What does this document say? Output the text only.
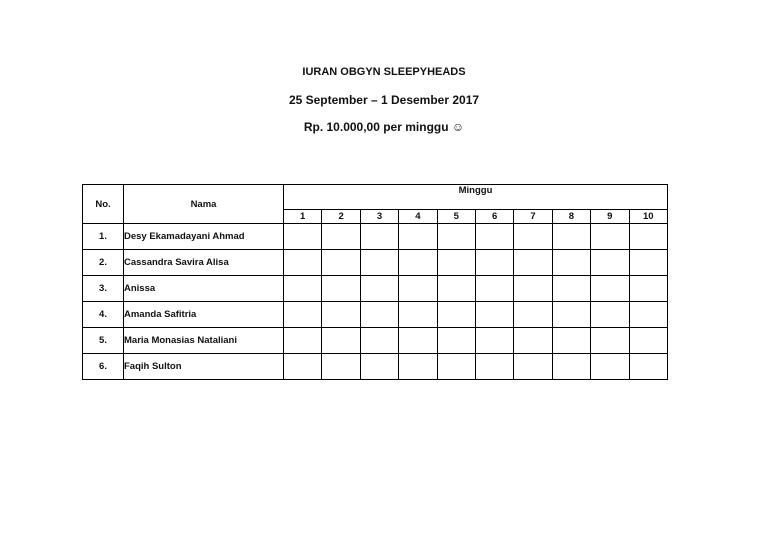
IURAN OBGYN SLEEPYHEADS
25 September – 1 Desember 2017
Rp. 10.000,00 per minggu ☺
No.	Nama	Minggu									
		1	2	3	4	5	6	7	8	9	10
1.	Desy Ekamadayani Ahmad										
2.	Cassandra Savira Alisa										
3.	Anissa										
4.	Amanda Safitria										
5.	Maria Monasias Nataliani										
6.	Faqih Sulton										
